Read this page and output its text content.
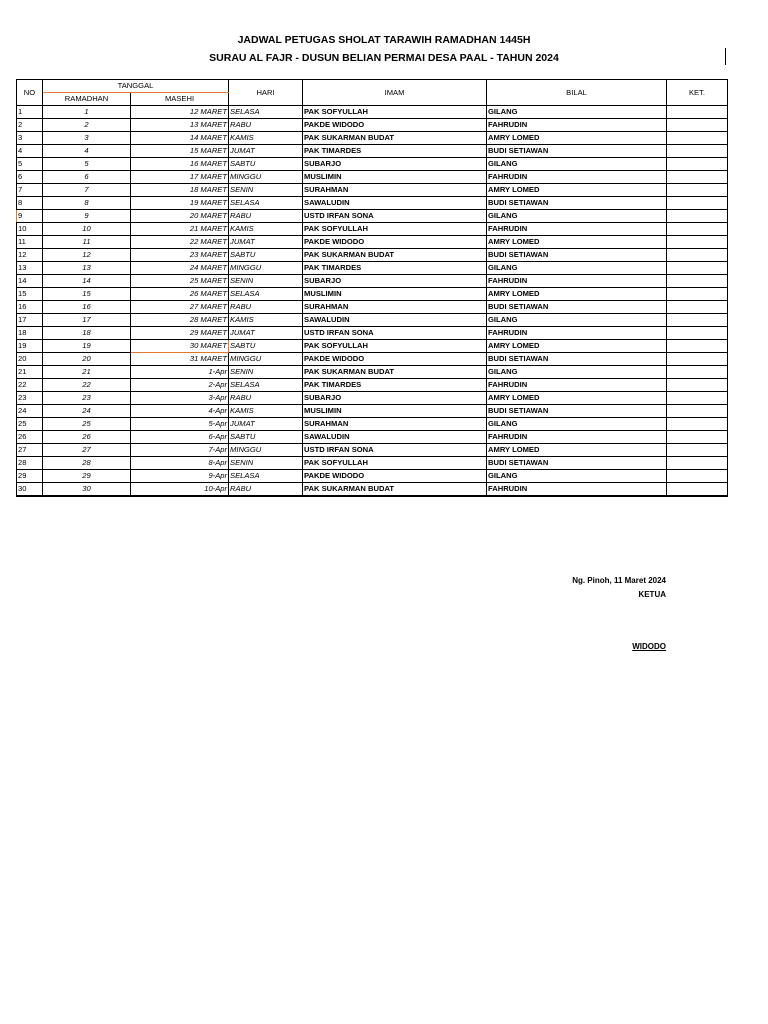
JADWAL PETUGAS SHOLAT TARAWIH RAMADHAN 1445H
SURAU AL FAJR - DUSUN BELIAN PERMAI DESA PAAL - TAHUN 2024
NO	TANGGAL		HARI	IMAM	BILAL	KET.
	RAMADHAN	MASEHI				
1	1	12 MARET	SELASA	PAK SOFYULLAH	GILANG	
2	2	13 MARET	RABU	PAKDE WIDODO	FAHRUDIN	
3	3	14 MARET	KAMIS	PAK SUKARMAN BUDAT	AMRY LOMED	
4	4	15 MARET	JUMAT	PAK TIMARDES	BUDI SETIAWAN	
5	5	16 MARET	SABTU	SUBARJO	GILANG	
6	6	17 MARET	MINGGU	MUSLIMIN	FAHRUDIN	
7	7	18 MARET	SENIN	SURAHMAN	AMRY LOMED	
8	8	19 MARET	SELASA	SAWALUDIN	BUDI SETIAWAN	
9	9	20 MARET	RABU	USTD IRFAN SONA	GILANG	
10	10	21 MARET	KAMIS	PAK SOFYULLAH	FAHRUDIN	
11	11	22 MARET	JUMAT	PAKDE WIDODO	AMRY LOMED	
12	12	23 MARET	SABTU	PAK SUKARMAN BUDAT	BUDI SETIAWAN	
13	13	24 MARET	MINGGU	PAK TIMARDES	GILANG	
14	14	25 MARET	SENIN	SUBARJO	FAHRUDIN	
15	15	26 MARET	SELASA	MUSLIMIN	AMRY LOMED	
16	16	27 MARET	RABU	SURAHMAN	BUDI SETIAWAN	
17	17	28 MARET	KAMIS	SAWALUDIN	GILANG	
18	18	29 MARET	JUMAT	USTD IRFAN SONA	FAHRUDIN	
19	19	30 MARET	SABTU	PAK SOFYULLAH	AMRY LOMED	
20	20	31 MARET	MINGGU	PAKDE WIDODO	BUDI SETIAWAN	
21	21	1-Apr	SENIN	PAK SUKARMAN BUDAT	GILANG	
22	22	2-Apr	SELASA	PAK TIMARDES	FAHRUDIN	
23	23	3-Apr	RABU	SUBARJO	AMRY LOMED	
24	24	4-Apr	KAMIS	MUSLIMIN	BUDI SETIAWAN	
25	25	5-Apr	JUMAT	SURAHMAN	GILANG	
26	26	6-Apr	SABTU	SAWALUDIN	FAHRUDIN	
27	27	7-Apr	MINGGU	USTD IRFAN SONA	AMRY LOMED	
28	28	8-Apr	SENIN	PAK SOFYULLAH	BUDI SETIAWAN	
29	29	9-Apr	SELASA	PAKDE WIDODO	GILANG	
30	30	10-Apr	RABU	PAK SUKARMAN BUDAT	FAHRUDIN	
Ng. Pinoh, 11 Maret 2024
KETUA
WIDODO
